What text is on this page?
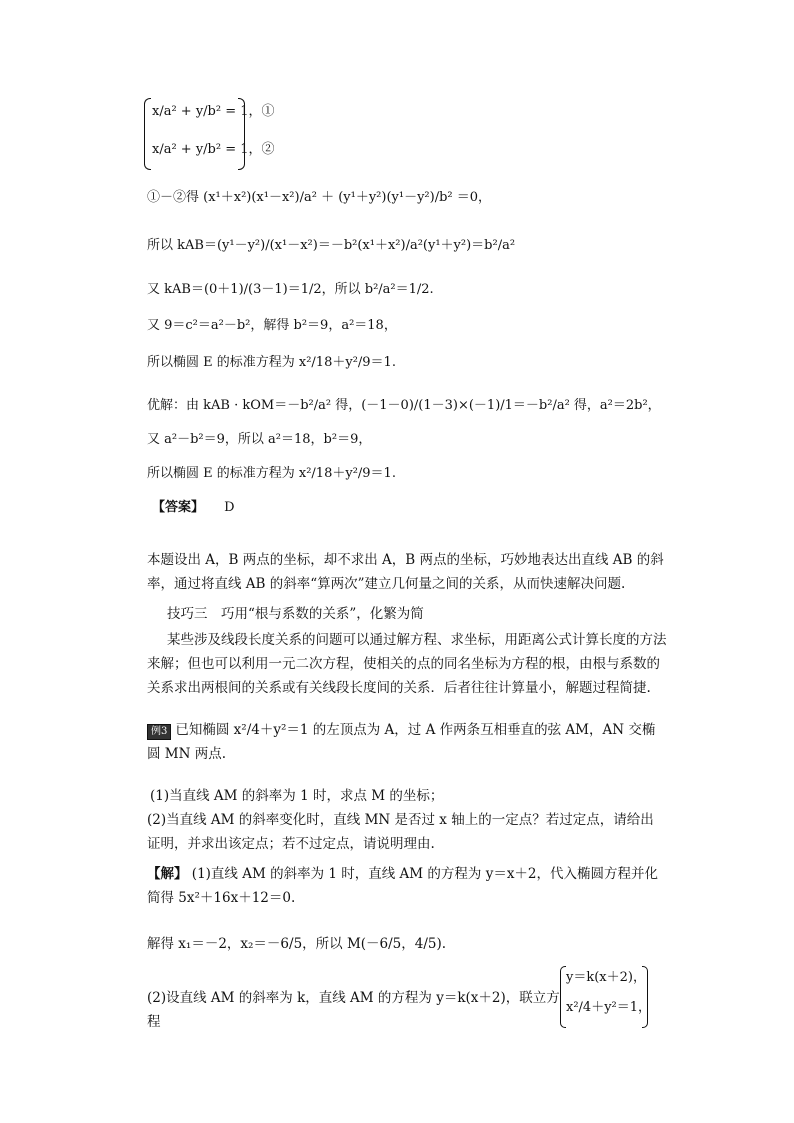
x/a² + y/b² = 1，①
x/a² + y/b² = 1，②
①－②得 (x¹＋x²)(x¹－x²)/a² ＋ (y¹＋y²)(y¹－y²)/b² ＝0，
所以 kAB＝(y¹－y²)/(x¹－x²)＝－b²(x¹＋x²)/a²(y¹＋y²)＝b²/a²
又 kAB＝(0＋1)/(3－1)＝1/2，所以 b²/a²＝1/2.
又 9＝c²＝a²－b²，解得 b²＝9，a²＝18，
所以椭圆 E 的标准方程为 x²/18＋y²/9＝1.
优解：由 kAB · kOM＝－b²/a² 得，(－1－0)/(1－3)×(－1)/1＝－b²/a² 得，a²＝2b²，
又 a²－b²＝9，所以 a²＝18，b²＝9，
所以椭圆 E 的标准方程为 x²/18＋y²/9＝1.
【答案】 D
本题设出 A，B 两点的坐标，却不求出 A，B 两点的坐标，巧妙地表达出直线 AB 的斜率，通过将直线 AB 的斜率“算两次”建立几何量之间的关系，从而快速解决问题.
技巧三　巧用“根与系数的关系”，化繁为简
某些涉及线段长度关系的问题可以通过解方程、求坐标，用距离公式计算长度的方法来解；但也可以利用一元二次方程，使相关的点的同名坐标为方程的根，由根与系数的关系求出两根间的关系或有关线段长度间的关系．后者往往计算量小，解题过程简捷.
例3 已知椭圆 x²/4＋y²＝1 的左顶点为 A，过 A 作两条互相垂直的弦 AM，AN 交椭圆 MN 两点.
(1)当直线 AM 的斜率为 1 时，求点 M 的坐标；
(2)当直线 AM 的斜率变化时，直线 MN 是否过 x 轴上的一定点？若过定点，请给出证明，并求出该定点；若不过定点，请说明理由.
【解】 (1)直线 AM 的斜率为 1 时，直线 AM 的方程为 y＝x＋2，代入椭圆方程并化简得 5x²＋16x＋12＝0.
解得 x₁＝－2，x₂＝－6/5，所以 M(－6/5，4/5).
(2)设直线 AM 的斜率为 k，直线 AM 的方程为 y＝k(x＋2)，联立方程
y＝k(x＋2)，
x²/4＋y²＝1，
